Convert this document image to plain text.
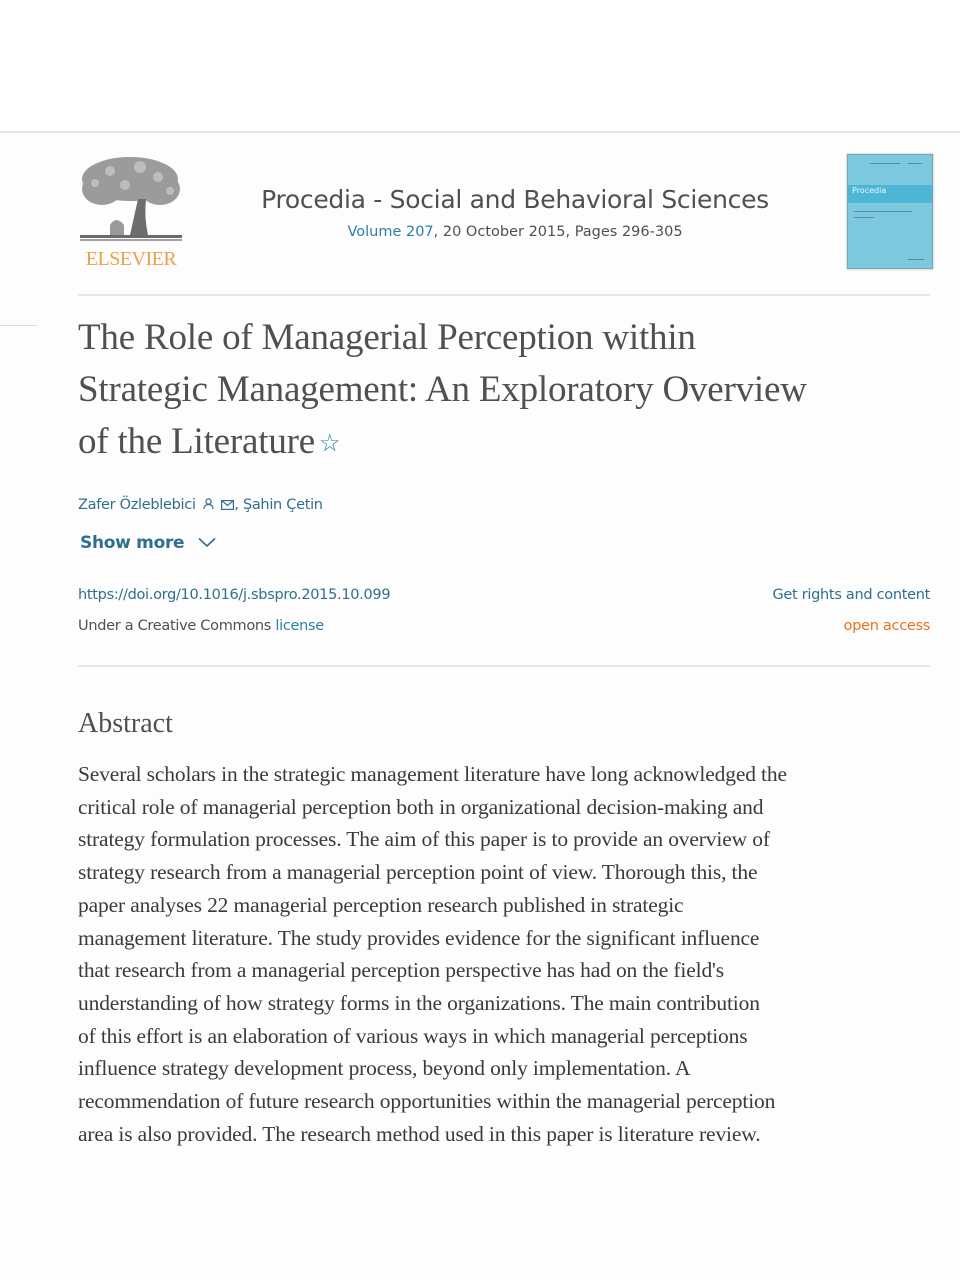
ELSEVIER
Procedia - Social and Behavioral Sciences
Volume 207, 20 October 2015, Pages 296-305
Procedia
The Role of Managerial Perception within
Strategic Management: An Exploratory Overview
of the Literature ☆
Zafer Özleblebici	, Şahin Çetin
Show more
https://doi.org/10.1016/j.sbspro.2015.10.099
Under a Creative Commons license
Get rights and content
open access
Abstract
Several scholars in the strategic management literature have long acknowledged the
critical role of managerial perception both in organizational decision-making and
strategy formulation processes. The aim of this paper is to provide an overview of
strategy research from a managerial perception point of view. Thorough this, the
paper analyses 22 managerial perception research published in strategic
management literature. The study provides evidence for the significant influence
that research from a managerial perception perspective has had on the field's
understanding of how strategy forms in the organizations. The main contribution
of this effort is an elaboration of various ways in which managerial perceptions
influence strategy development process, beyond only implementation. A
recommendation of future research opportunities within the managerial perception
area is also provided. The research method used in this paper is literature review.
